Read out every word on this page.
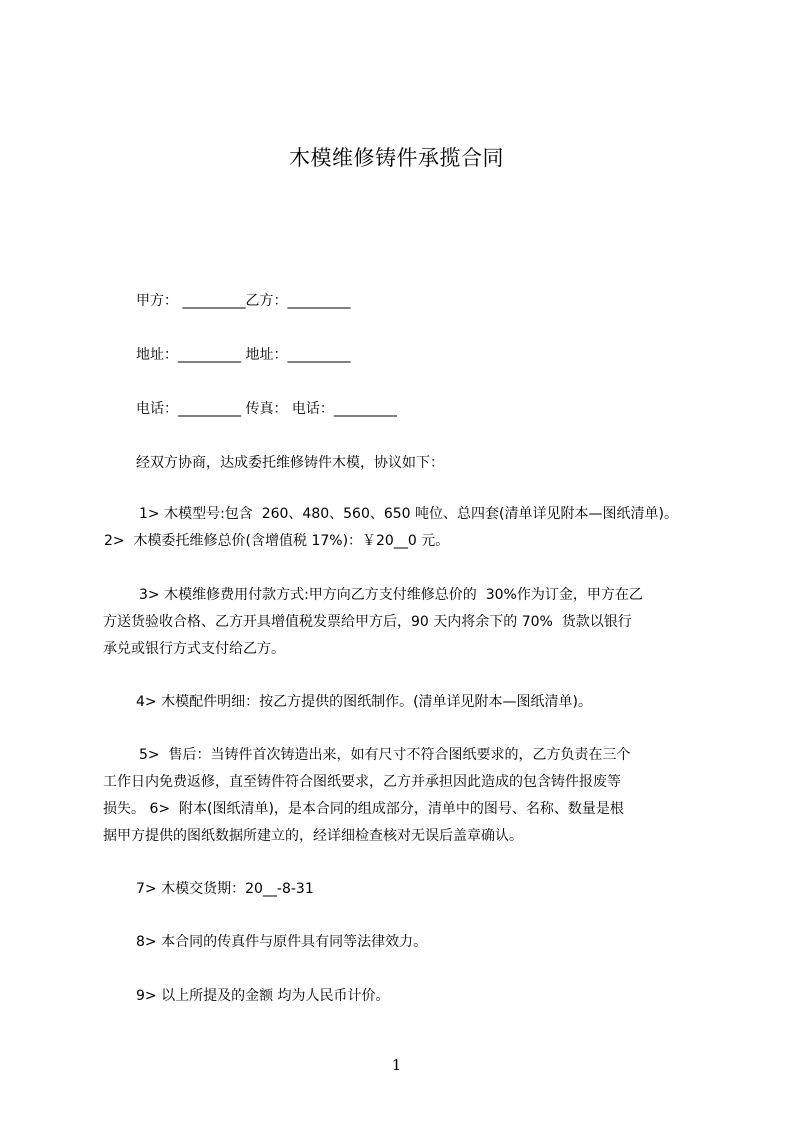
木模维修铸件承揽合同
甲方： _________乙方：_________
地址：_________ 地址：_________
电话：_________ 传真： 电话：_________
经双方协商，达成委托维修铸件木模，协议如下：
1> 木模型号:包含  260、480、560、650 吨位、总四套(清单详见附本—图纸清单)。
2>  木模委托维修总价(含增值税 17%)：￥20__0 元。
3> 木模维修费用付款方式:甲方向乙方支付维修总价的  30%作为订金，甲方在乙
方送货验收合格、乙方开具增值税发票给甲方后，90 天内将余下的 70%  货款以银行
承兑或银行方式支付给乙方。
4> 木模配件明细：按乙方提供的图纸制作。(清单详见附本—图纸清单)。
5>  售后：当铸件首次铸造出来，如有尺寸不符合图纸要求的，乙方负责在三个
工作日内免费返修，直至铸件符合图纸要求，乙方并承担因此造成的包含铸件报废等
损失。 6>  附本(图纸清单)，是本合同的组成部分，清单中的图号、名称、数量是根
据甲方提供的图纸数据所建立的，经详细检查核对无误后盖章确认。
7> 木模交货期：20__-8-31
8> 本合同的传真件与原件具有同等法律效力。
9> 以上所提及的金额 均为人民币计价。
1
